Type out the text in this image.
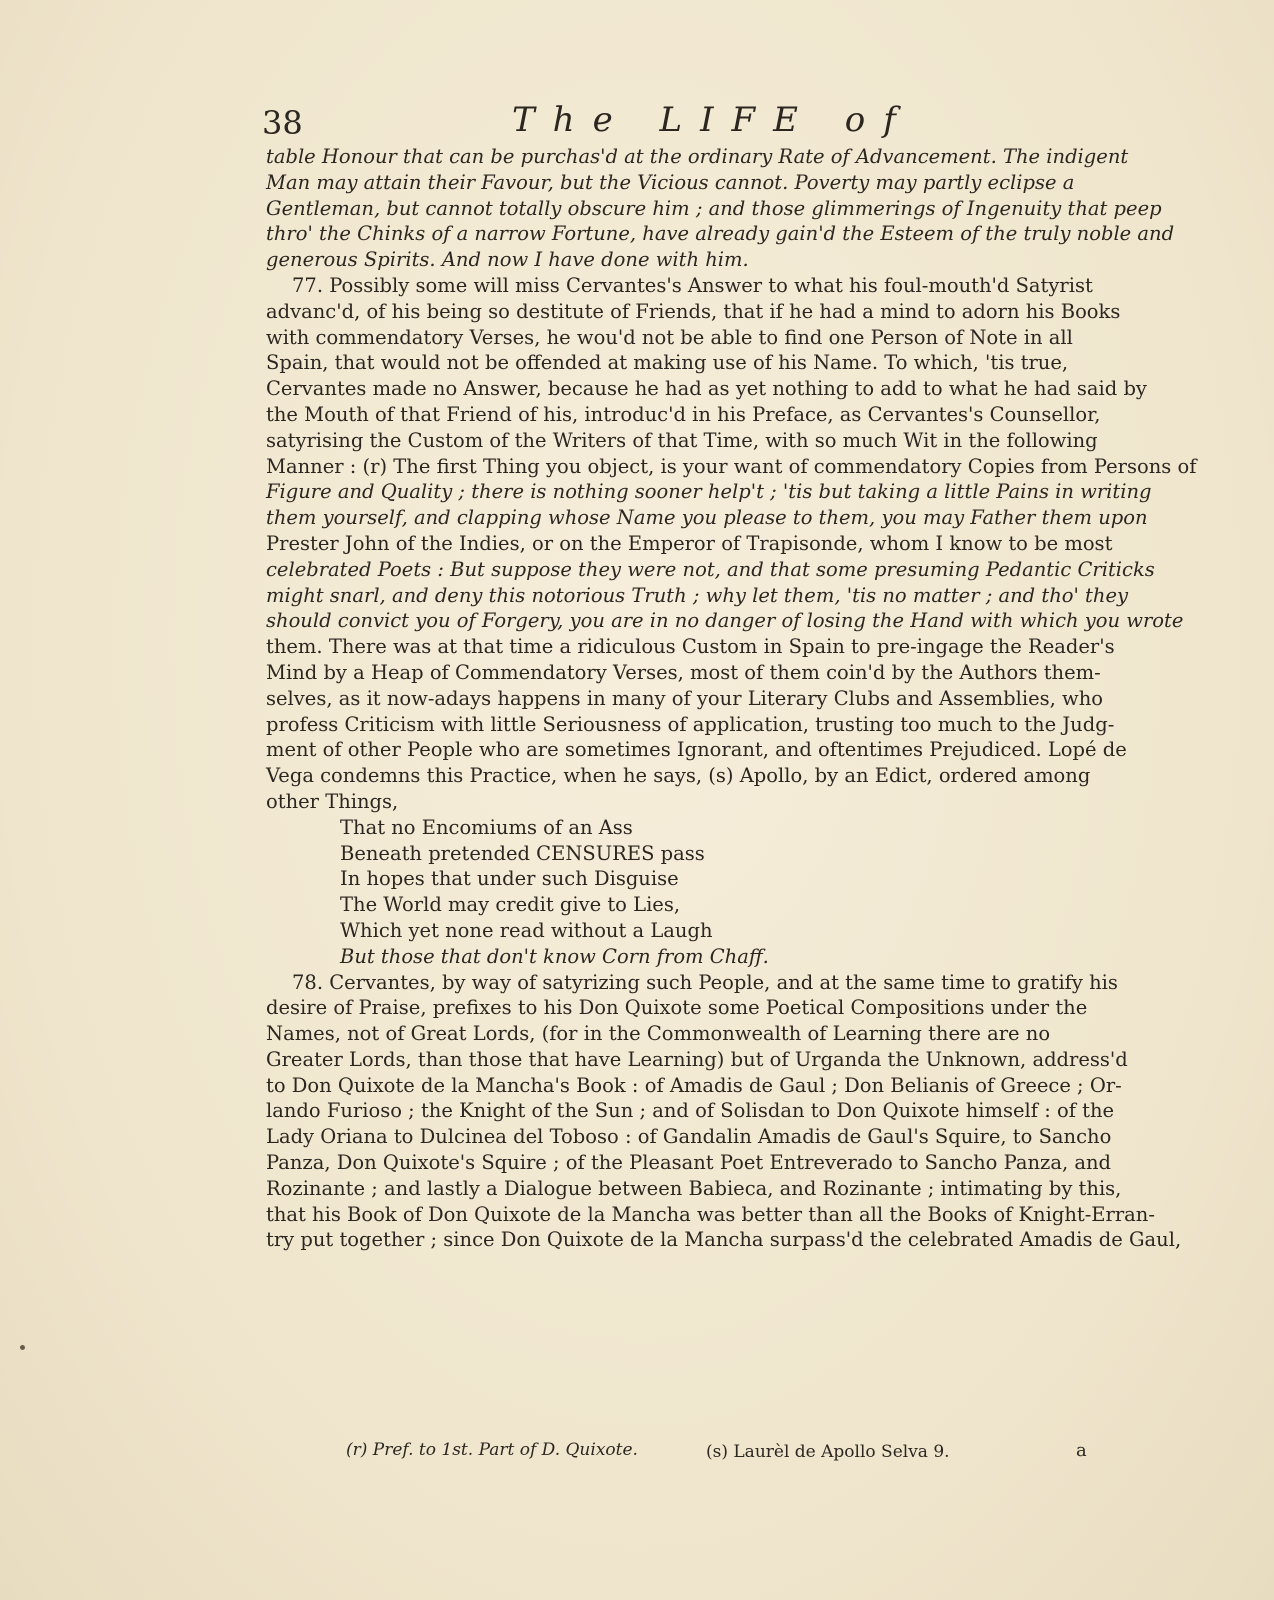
38	The LIFE of
table Honour that can be purchas'd at the ordinary Rate of Advancement. The indigent
Man may attain their Favour, but the Vicious cannot. Poverty may partly eclipse a
Gentleman, but cannot totally obscure him ; and those glimmerings of Ingenuity that peep
thro' the Chinks of a narrow Fortune, have already gain'd the Esteem of the truly noble and
generous Spirits. And now I have done with him.
77. Possibly some will miss Cervantes's Answer to what his foul-mouth'd Satyrist
advanc'd, of his being so destitute of Friends, that if he had a mind to adorn his Books
with commendatory Verses, he wou'd not be able to find one Person of Note in all
Spain, that would not be offended at making use of his Name. To which, 'tis true,
Cervantes made no Answer, because he had as yet nothing to add to what he had said by
the Mouth of that Friend of his, introduc'd in his Preface, as Cervantes's Counsellor,
satyrising the Custom of the Writers of that Time, with so much Wit in the following
Manner : (r) The first Thing you object, is your want of commendatory Copies from Persons of
Figure and Quality ; there is nothing sooner help't ; 'tis but taking a little Pains in writing
them yourself, and clapping whose Name you please to them, you may Father them upon
Prester John of the Indies, or on the Emperor of Trapisonde, whom I know to be most
celebrated Poets : But suppose they were not, and that some presuming Pedantic Criticks
might snarl, and deny this notorious Truth ; why let them, 'tis no matter ; and tho' they
should convict you of Forgery, you are in no danger of losing the Hand with which you wrote
them. There was at that time a ridiculous Custom in Spain to pre-ingage the Reader's
Mind by a Heap of Commendatory Verses, most of them coin'd by the Authors them-
selves, as it now-adays happens in many of your Literary Clubs and Assemblies, who
profess Criticism with little Seriousness of application, trusting too much to the Judg-
ment of other People who are sometimes Ignorant, and oftentimes Prejudiced. Lopé de
Vega condemns this Practice, when he says, (s) Apollo, by an Edict, ordered among
other Things,
That no Encomiums of an Ass
Beneath pretended CENSURES pass
In hopes that under such Disguise
The World may credit give to Lies,
Which yet none read without a Laugh
But those that don't know Corn from Chaff.
78. Cervantes, by way of satyrizing such People, and at the same time to gratify his
desire of Praise, prefixes to his Don Quixote some Poetical Compositions under the
Names, not of Great Lords, (for in the Commonwealth of Learning there are no
Greater Lords, than those that have Learning) but of Urganda the Unknown, address'd
to Don Quixote de la Mancha's Book : of Amadis de Gaul ; Don Belianis of Greece ; Or-
lando Furioso ; the Knight of the Sun ; and of Solisdan to Don Quixote himself : of the
Lady Oriana to Dulcinea del Toboso : of Gandalin Amadis de Gaul's Squire, to Sancho
Panza, Don Quixote's Squire ; of the Pleasant Poet Entreverado to Sancho Panza, and
Rozinante ; and lastly a Dialogue between Babieca, and Rozinante ; intimating by this,
that his Book of Don Quixote de la Mancha was better than all the Books of Knight-Erran-
try put together ; since Don Quixote de la Mancha surpass'd the celebrated Amadis de Gaul,
(r) Pref. to 1st. Part of D. Quixote.	(s) Laurèl de Apollo Selva 9.	a
